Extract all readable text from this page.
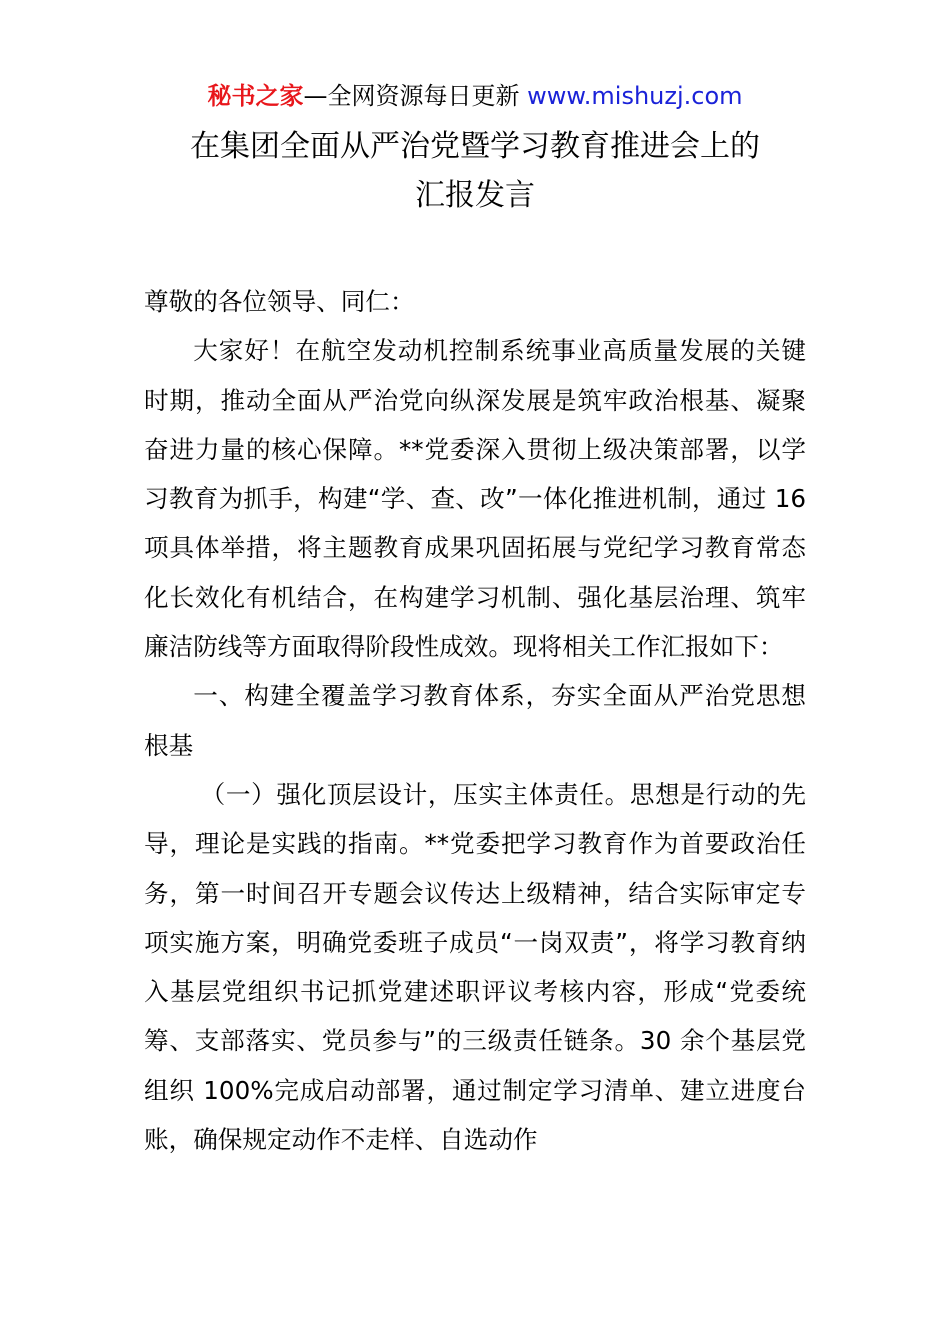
秘书之家—全网资源每日更新 www.mishuzj.com
在集团全面从严治党暨学习教育推进会上的
汇报发言

尊敬的各位领导、同仁：

大家好！在航空发动机控制系统事业高质量发展的关键时期，推动全面从严治党向纵深发展是筑牢政治根基、凝聚奋进力量的核心保障。**党委深入贯彻上级决策部署，以学习教育为抓手，构建“学、查、改”一体化推进机制，通过 16 项具体举措，将主题教育成果巩固拓展与党纪学习教育常态化长效化有机结合，在构建学习机制、强化基层治理、筑牢廉洁防线等方面取得阶段性成效。现将相关工作汇报如下：

一、构建全覆盖学习教育体系，夯实全面从严治党思想根基

（一）强化顶层设计，压实主体责任。思想是行动的先导，理论是实践的指南。**党委把学习教育作为首要政治任务，第一时间召开专题会议传达上级精神，结合实际审定专项实施方案，明确党委班子成员“一岗双责”，将学习教育纳入基层党组织书记抓党建述职评议考核内容，形成“党委统筹、支部落实、党员参与”的三级责任链条。30 余个基层党组织 100%完成启动部署，通过制定学习清单、建立进度台账，确保规定动作不走样、自选动作
